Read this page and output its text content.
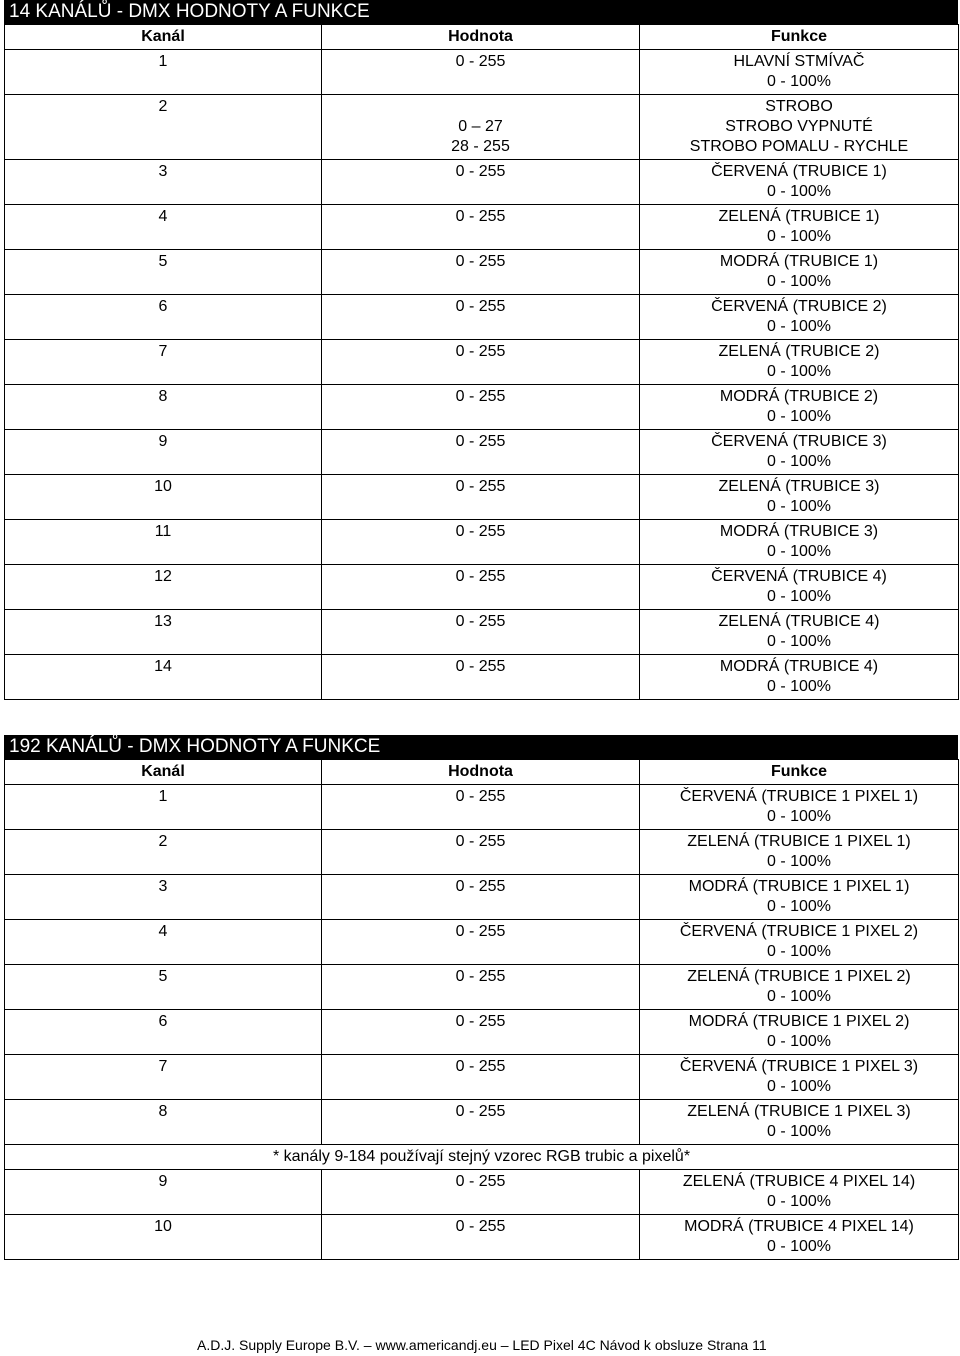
14 KANÁLŮ - DMX HODNOTY A FUNKCE
Kanál	Hodnota	Funkce

1	0 - 255	HLAVNÍ STMÍVAČ
0 - 100%

2	0 – 27
28 - 255	STROBO
STROBO VYPNUTÉ
STROBO POMALU - RYCHLE

3	0 - 255	ČERVENÁ (TRUBICE 1)
0 - 100%

4	0 - 255	ZELENÁ (TRUBICE 1)
0 - 100%

5	0 - 255	MODRÁ (TRUBICE 1)
0 - 100%

6	0 - 255	ČERVENÁ (TRUBICE 2)
0 - 100%

7	0 - 255	ZELENÁ (TRUBICE 2)
0 - 100%

8	0 - 255	MODRÁ (TRUBICE 2)
0 - 100%

9	0 - 255	ČERVENÁ (TRUBICE 3)
0 - 100%

10	0 - 255	ZELENÁ (TRUBICE 3)
0 - 100%

11	0 - 255	MODRÁ (TRUBICE 3)
0 - 100%

12	0 - 255	ČERVENÁ (TRUBICE 4)
0 - 100%

13	0 - 255	ZELENÁ (TRUBICE 4)
0 - 100%

14	0 - 255	MODRÁ (TRUBICE 4)
0 - 100%
192 KANÁLŮ - DMX HODNOTY A FUNKCE
Kanál	Hodnota	Funkce

1	0 - 255	ČERVENÁ (TRUBICE 1 PIXEL 1)
0 - 100%

2	0 - 255	ZELENÁ (TRUBICE 1 PIXEL 1)
0 - 100%

3	0 - 255	MODRÁ (TRUBICE 1 PIXEL 1)
0 - 100%

4	0 - 255	ČERVENÁ (TRUBICE 1 PIXEL 2)
0 - 100%

5	0 - 255	ZELENÁ (TRUBICE 1 PIXEL 2)
0 - 100%

6	0 - 255	MODRÁ (TRUBICE 1 PIXEL 2)
0 - 100%

7	0 - 255	ČERVENÁ (TRUBICE 1 PIXEL 3)
0 - 100%

8	0 - 255	ZELENÁ (TRUBICE 1 PIXEL 3)
0 - 100%

* kanály 9-184 používají stejný vzorec RGB trubic a pixelů*		

9	0 - 255	ZELENÁ (TRUBICE 4 PIXEL 14)
0 - 100%

10	0 - 255	MODRÁ (TRUBICE 4 PIXEL 14)
0 - 100%
A.D.J. Supply Europe B.V. – www.americandj.eu – LED Pixel 4C Návod k obsluze Strana 11
